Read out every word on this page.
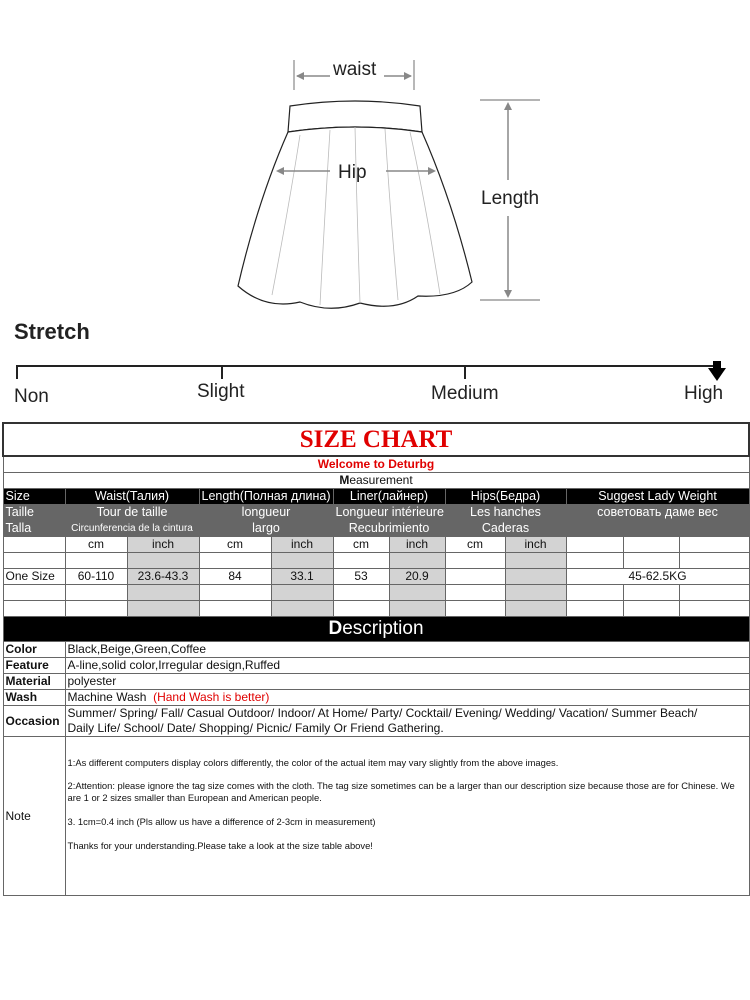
waist
Hip
Length
Stretch
Non	Slight	Medium	High
SIZE CHART											
Welcome to Deturbg											
Measurement											
Size	Waist(Талия)		Length(Полная длина)		Liner(лайнер)		Hips(Бедра)		Suggest Lady Weight		
Taille	Tour de taille		longueur		Longueur intérieure		Les hanches		советовать даме вес		
Talla	Circunferencia de la cintura		largo		Recubrimiento		Caderas				
	cm	inch	cm	inch	cm	inch	cm	inch			

One Size	60-110	23.6-43.3	84	33.1	53	20.9			45-62.5KG		

Description											
Color	Black,Beige,Green,Coffee										
Feature	A-line,solid color,Irregular design,Ruffed										
Material	polyester										
Wash	Machine Wash (Hand Wash is better)										
Occasion	Summer/ Spring/ Fall/ Casual Outdoor/ Indoor/ At Home/ Party/ Cocktail/ Evening/ Wedding/ Vacation/ Summer Beach/
Daily Life/ School/ Date/ Shopping/ Picnic/ Family Or Friend Gathering.										

Note	1:As different computers display colors differently, the color of the actual item may vary slightly from the above images.
2:Attention: please ignore the tag size comes with the cloth. The tag size sometimes can be a larger than our description size because those are for Chinese. We are 1 or 2 sizes smaller than European and American people.
3. 1cm=0.4 inch (Pls allow us have a difference of 2-3cm in measurement)
Thanks for your understanding.Please take a look at the size table above!										
